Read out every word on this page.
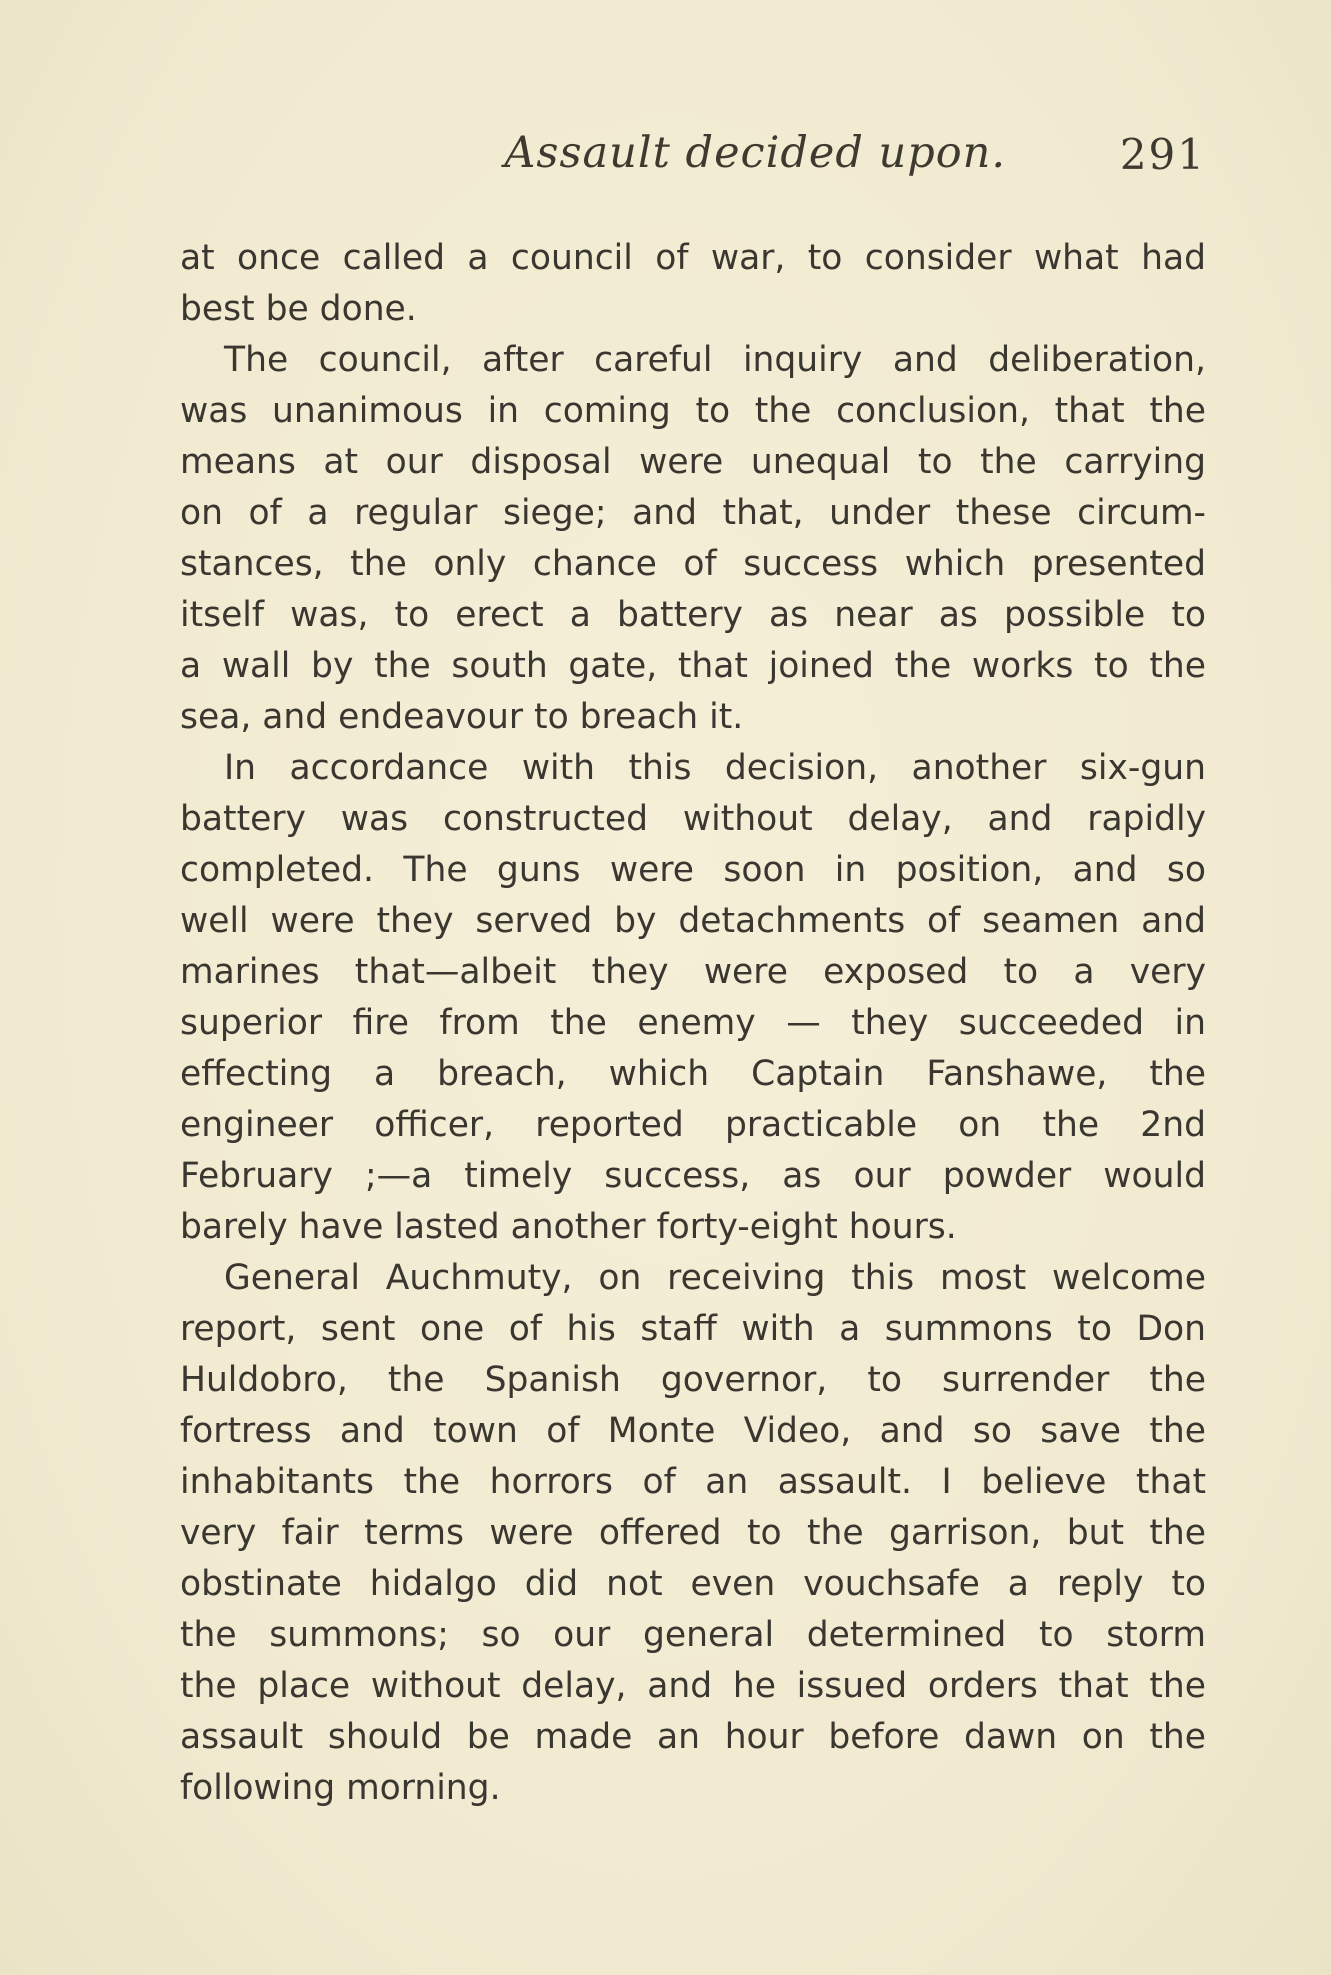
Assault decided upon.	291
at once called a council of war, to consider what had
best be done.
The council, after careful inquiry and deliberation,
was unanimous in coming to the conclusion, that the
means at our disposal were unequal to the carrying
on of a regular siege; and that, under these circum-
stances, the only chance of success which presented
itself was, to erect a battery as near as possible to
a wall by the south gate, that joined the works to the
sea, and endeavour to breach it.
In accordance with this decision, another six-gun
battery was constructed without delay, and rapidly
completed. The guns were soon in position, and so
well were they served by detachments of seamen and
marines that—albeit they were exposed to a very
superior fire from the enemy — they succeeded in
effecting a breach, which Captain Fanshawe, the
engineer officer, reported practicable on the 2nd
February ;—a timely success, as our powder would
barely have lasted another forty-eight hours.
General Auchmuty, on receiving this most welcome
report, sent one of his staff with a summons to Don
Huldobro, the Spanish governor, to surrender the
fortress and town of Monte Video, and so save the
inhabitants the horrors of an assault. I believe that
very fair terms were offered to the garrison, but the
obstinate hidalgo did not even vouchsafe a reply to
the summons; so our general determined to storm
the place without delay, and he issued orders that the
assault should be made an hour before dawn on the
following morning.
